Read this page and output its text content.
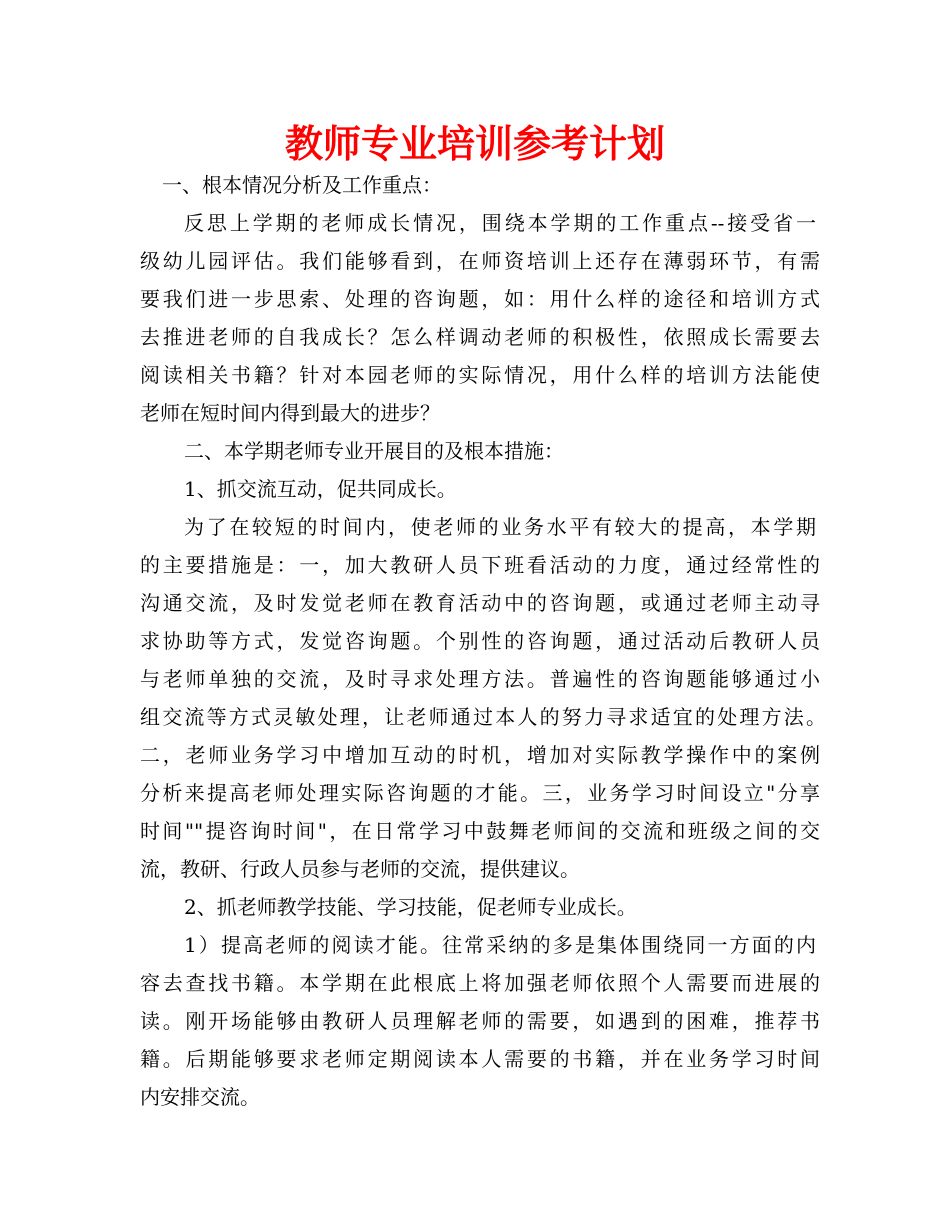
教师专业培训参考计划

一、根本情况分析及工作重点：

反思上学期的老师成长情况，围绕本学期的工作重点--接受省一

级幼儿园评估。我们能够看到，在师资培训上还存在薄弱环节，有需

要我们进一步思索、处理的咨询题，如：用什么样的途径和培训方式

去推进老师的自我成长？怎么样调动老师的积极性，依照成长需要去

阅读相关书籍？针对本园老师的实际情况，用什么样的培训方法能使

老师在短时间内得到最大的进步？

二、本学期老师专业开展目的及根本措施：

1、抓交流互动，促共同成长。

为了在较短的时间内，使老师的业务水平有较大的提高，本学期

的主要措施是：一，加大教研人员下班看活动的力度，通过经常性的

沟通交流，及时发觉老师在教育活动中的咨询题，或通过老师主动寻

求协助等方式，发觉咨询题。个别性的咨询题，通过活动后教研人员

与老师单独的交流，及时寻求处理方法。普遍性的咨询题能够通过小

组交流等方式灵敏处理，让老师通过本人的努力寻求适宜的处理方法。

二，老师业务学习中增加互动的时机，增加对实际教学操作中的案例

分析来提高老师处理实际咨询题的才能。三，业务学习时间设立"分享

时间""提咨询时间"，在日常学习中鼓舞老师间的交流和班级之间的交

流，教研、行政人员参与老师的交流，提供建议。

2、抓老师教学技能、学习技能，促老师专业成长。

1）提高老师的阅读才能。往常采纳的多是集体围绕同一方面的内

容去查找书籍。本学期在此根底上将加强老师依照个人需要而进展的

读。刚开场能够由教研人员理解老师的需要，如遇到的困难，推荐书

籍。后期能够要求老师定期阅读本人需要的书籍，并在业务学习时间

内安排交流。
